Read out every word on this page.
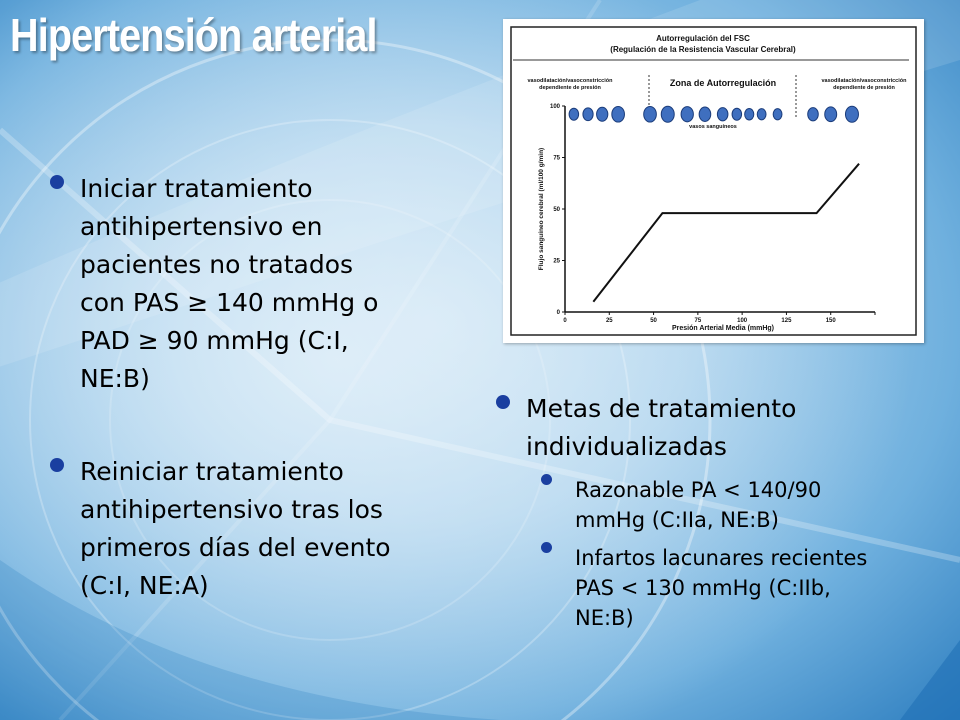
Hipertensión arterial
Iniciar tratamiento
antihipertensivo en
pacientes no tratados
con PAS ≥ 140 mmHg o
PAD ≥ 90 mmHg (C:I,
NE:B)
Reiniciar tratamiento
antihipertensivo tras los
primeros días del evento
(C:I, NE:A)
Metas de tratamiento
individualizadas
Razonable PA < 140/90
mmHg (C:IIa, NE:B)
Infartos lacunares recientes
PAS < 130 mmHg (C:IIb,
NE:B)
Autorregulación del FSC
(Regulación de la Resistencia Vascular Cerebral)
vasodilatación/vasoconstricción
dependiente de presión	Zona de Autorregulación	vasodilatación/vasoconstricción
dependiente de presión
vasos sanguíneos
Flujo sanguíneo cerebral (ml/100 g/min)
Presión Arterial Media (mmHg)
0
25
50
75
100
0	25	50	75	100	125	150
